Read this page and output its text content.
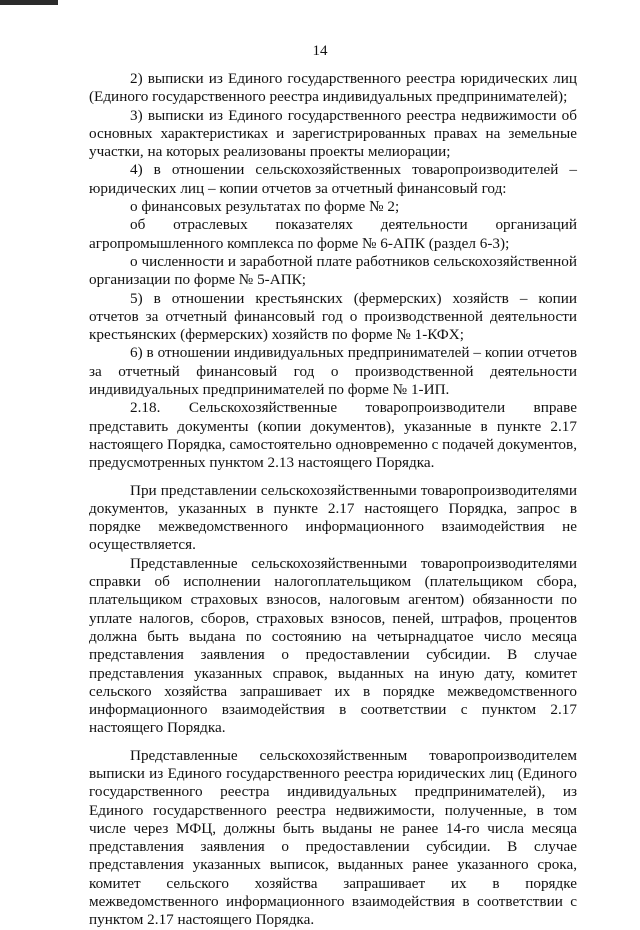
14

2) выписки из Единого государственного реестра юридических лиц (Единого государственного реестра индивидуальных предпринимателей);

3) выписки из Единого государственного реестра недвижимости об основных характеристиках и зарегистрированных правах на земельные участки, на которых реализованы проекты мелиорации;

4) в отношении сельскохозяйственных товаропроизводителей – юридических лиц – копии отчетов за отчетный финансовый год:

о финансовых результатах по форме № 2;

об отраслевых показателях деятельности организаций агропромышленного комплекса по форме № 6-АПК (раздел 6-3);

о численности и заработной плате работников сельскохозяйственной организации по форме № 5-АПК;

5) в отношении крестьянских (фермерских) хозяйств – копии отчетов за отчетный финансовый год о производственной деятельности крестьянских (фермерских) хозяйств по форме № 1-КФХ;

6) в отношении индивидуальных предпринимателей – копии отчетов за отчетный финансовый год о производственной деятельности индивидуальных предпринимателей по форме № 1-ИП.

2.18. Сельскохозяйственные товаропроизводители вправе представить документы (копии документов), указанные в пункте 2.17 настоящего Порядка, самостоятельно одновременно с подачей документов, предусмотренных пунктом 2.13 настоящего Порядка.

При представлении сельскохозяйственными товаропроизводителями документов, указанных в пункте 2.17 настоящего Порядка, запрос в порядке межведомственного информационного взаимодействия не осуществляется.

Представленные сельскохозяйственными товаропроизводителями справки об исполнении налогоплательщиком (плательщиком сбора, плательщиком страховых взносов, налоговым агентом) обязанности по уплате налогов, сборов, страховых взносов, пеней, штрафов, процентов должна быть выдана по состоянию на четырнадцатое число месяца представления заявления о предоставлении субсидии. В случае представления указанных справок, выданных на иную дату, комитет сельского хозяйства запрашивает их в порядке межведомственного информационного взаимодействия в соответствии с пунктом 2.17 настоящего Порядка.

Представленные сельскохозяйственным товаропроизводителем выписки из Единого государственного реестра юридических лиц (Единого государственного реестра индивидуальных предпринимателей), из Единого государственного реестра недвижимости, полученные, в том числе через МФЦ, должны быть выданы не ранее 14-го числа месяца представления заявления о предоставлении субсидии. В случае представления указанных выписок, выданных ранее указанного срока, комитет сельского хозяйства запрашивает их в порядке межведомственного информационного взаимодействия в соответствии с пунктом 2.17 настоящего Порядка.
